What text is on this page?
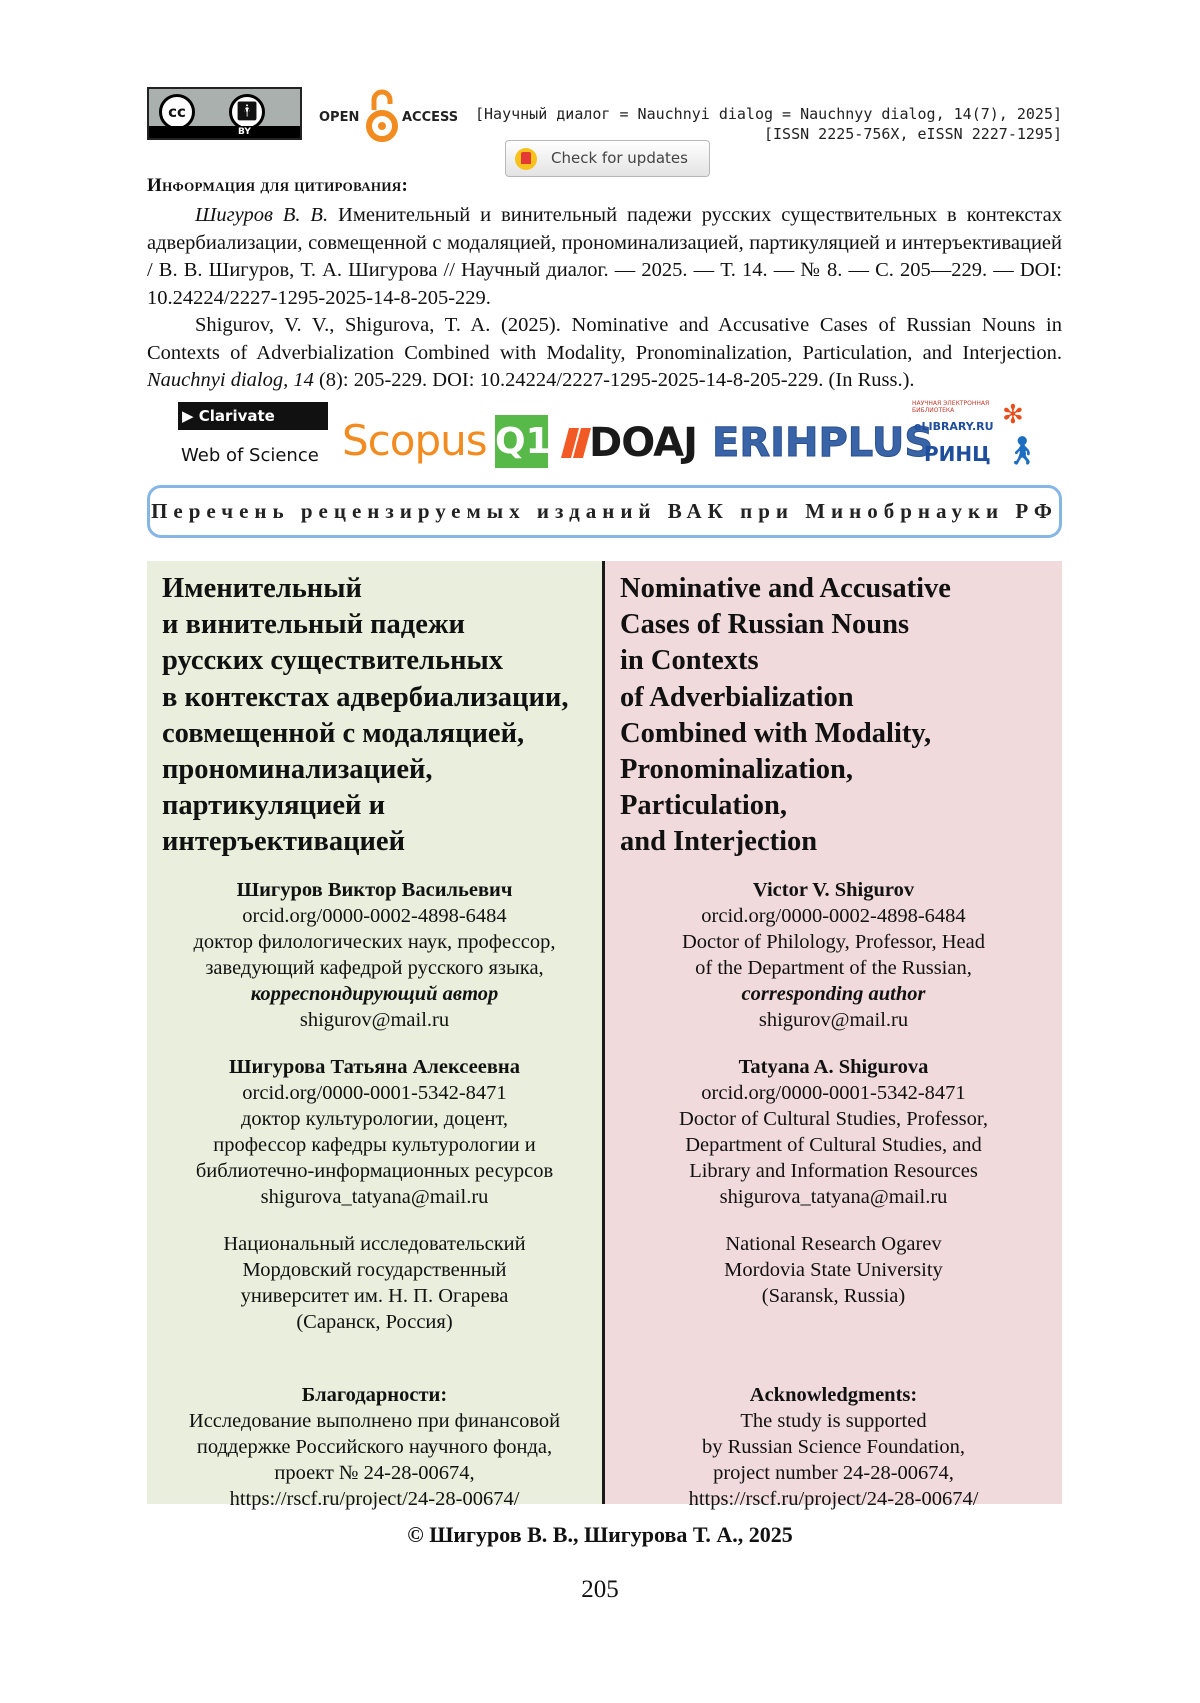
cc	🚹︎
BY
OPEN	ACCESS [Научный диалог = Nauchnyi dialog = Nauchnyy dialog, 14(7), 2025]
[ISSN 2225-756X, eISSN 2227-1295]
Check for updates
Информация для цитирования:

Шигуров В. В. Именительный и винительный падежи русских существительных в контекстах адвербиализации, совмещенной с модаляцией, прономинализацией, партикуляцией и интеръективацией / В. В. Шигуров, Т. А. Шигурова // Научный диалог. — 2025. — Т. 14. — № 8. — С. 205—229. — DOI: 10.24224/2227-1295-2025-14-8-205-229.

Shigurov, V. V., Shigurova, T. A. (2025). Nominative and Accusative Cases of Russian Nouns in Contexts of Adverbialization Combined with Modality, Pronominalization, Particulation, and Interjection. Nauchnyi dialog, 14 (8): 205-229. DOI: 10.24224/2227-1295-2025-14-8-205-229. (In Russ.).

▶ Clarivate
Web of Science Scopus Q1 DOAJ ERIHPLUS
НАУЧНАЯ ЭЛЕКТРОННАЯ БИБЛИОТЕКА
eLIBRARY.RU
РИНЦ
✻
🚶︎
Перечень рецензируемых изданий ВАК при Минобрнауки РФ
Именительный
и винительный падежи
русских существительных
в контекстах адвербиализации,
совмещенной с модаляцией,
прономинализацией,
партикуляцией и
интеръективацией
Шигуров Виктор Васильевич
orcid.org/0000-0002-4898-6484
доктор филологических наук, профессор,
заведующий кафедрой русского языка,
корреспондирующий автор
shigurov@mail.ru
Шигурова Татьяна Алексеевна
orcid.org/0000-0001-5342-8471
доктор культурологии, доцент,
профессор кафедры культурологии и
библиотечно-информационных ресурсов
shigurova_tatyana@mail.ru
Национальный исследовательский
Мордовский государственный
университет им. Н. П. Огарева
(Саранск, Россия)
Благодарности:
Исследование выполнено при финансовой
поддержке Российского научного фонда,
проект № 24-28-00674,
https://rscf.ru/project/24-28-00674/
Nominative and Accusative
Cases of Russian Nouns
in Contexts
of Adverbialization
Combined with Modality,
Pronominalization,
Particulation,
and Interjection
Victor V. Shigurov
orcid.org/0000-0002-4898-6484
Doctor of Philology, Professor, Head
of the Department of the Russian,
corresponding author
shigurov@mail.ru
Tatyana A. Shigurova
orcid.org/0000-0001-5342-8471
Doctor of Cultural Studies, Professor,
Department of Cultural Studies, and
Library and Information Resources
shigurova_tatyana@mail.ru
National Research Ogarev
Mordovia State University
(Saransk, Russia)
Acknowledgments:
The study is supported
by Russian Science Foundation,
project number 24-28-00674,
https://rscf.ru/project/24-28-00674/
© Шигуров В. В., Шигурова Т. А., 2025
205
